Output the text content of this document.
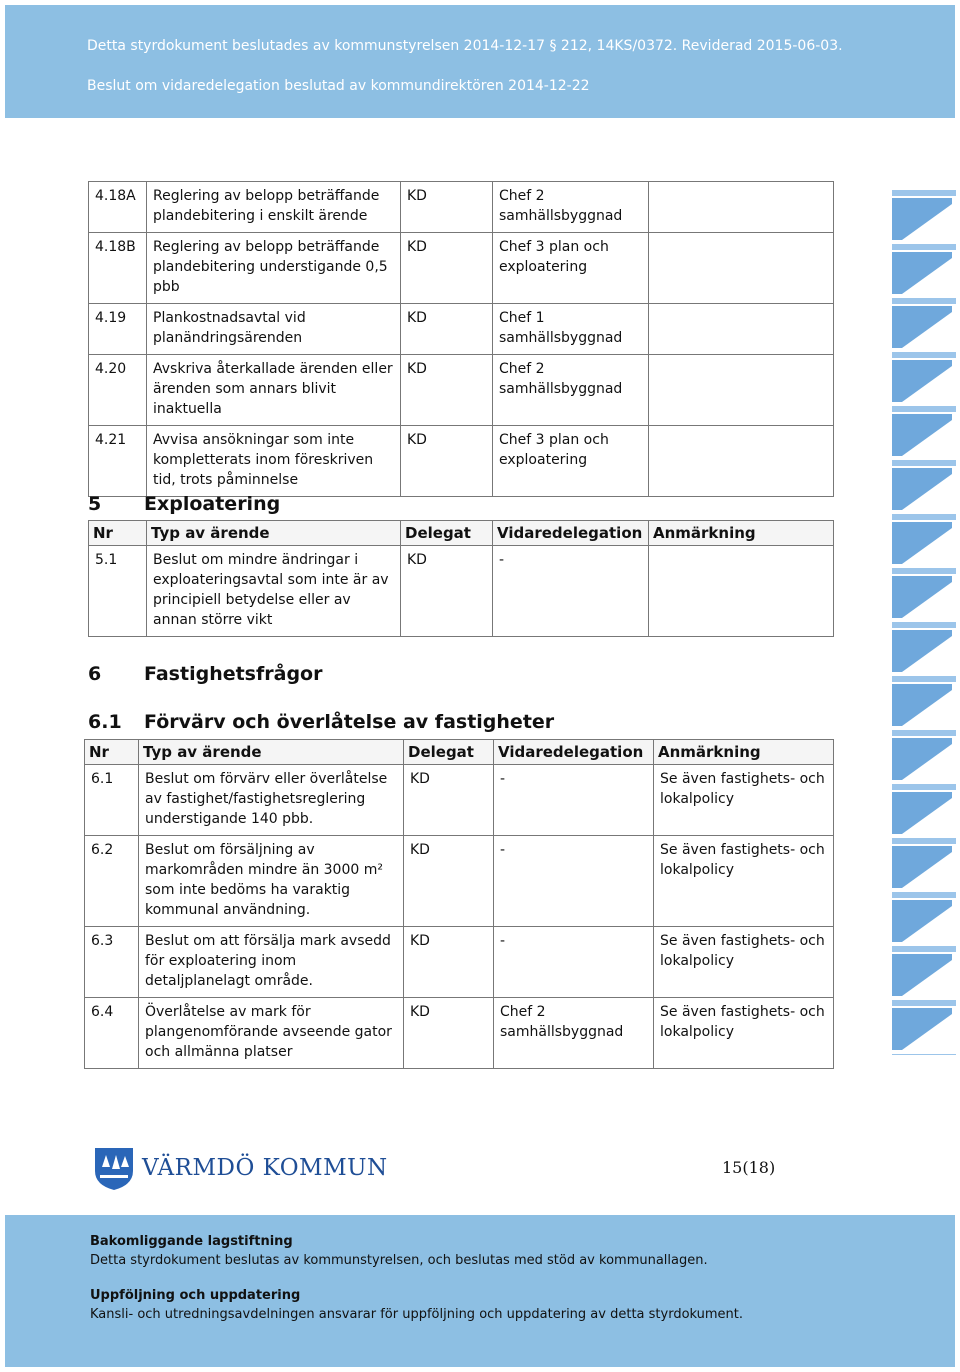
Detta styrdokument beslutades av kommunstyrelsen 2014-12-17 § 212, 14KS/0372. Reviderad 2015-06-03.
Beslut om vidaredelegation beslutad av kommundirektören 2014-12-22
4.18A	Reglering av belopp beträffande plandebitering i enskilt ärende	KD	Chef 2 samhällsbyggnad	
4.18B	Reglering av belopp beträffande plandebitering understigande 0,5 pbb	KD	Chef 3 plan och exploatering	
4.19	Plankostnadsavtal vid planändringsärenden	KD	Chef 1 samhällsbyggnad	
4.20	Avskriva återkallade ärenden eller ärenden som annars blivit inaktuella	KD	Chef 2 samhällsbyggnad	
4.21	Avvisa ansökningar som inte kompletterats inom föreskriven tid, trots påminnelse	KD	Chef 3 plan och exploatering	
5 Exploatering
Nr	Typ av ärende	Delegat	Vidaredelegation	Anmärkning
5.1	Beslut om mindre ändringar i exploateringsavtal som inte är av principiell betydelse eller av annan större vikt	KD	-	
6 Fastighetsfrågor
6.1 Förvärv och överlåtelse av fastigheter
Nr	Typ av ärende	Delegat	Vidaredelegation	Anmärkning
6.1	Beslut om förvärv eller överlåtelse av fastighet/fastighetsreglering understigande 140 pbb.	KD	-	Se även fastighets- och lokalpolicy
6.2	Beslut om försäljning av markområden mindre än 3000 m² som inte bedöms ha varaktig kommunal användning.	KD	-	Se även fastighets- och lokalpolicy
6.3	Beslut om att försälja mark avsedd för exploatering inom detaljplanelagt område.	KD	-	Se även fastighets- och lokalpolicy
6.4	Överlåtelse av mark för plangenomförande avseende gator och allmänna platser	KD	Chef 2 samhällsbyggnad	Se även fastighets- och lokalpolicy
VÄRMDÖ KOMMUN	15(18)
Bakomliggande lagstiftning
Detta styrdokument beslutas av kommunstyrelsen, och beslutas med stöd av kommunallagen.
Uppföljning och uppdatering
Kansli- och utredningsavdelningen ansvarar för uppföljning och uppdatering av detta styrdokument.
